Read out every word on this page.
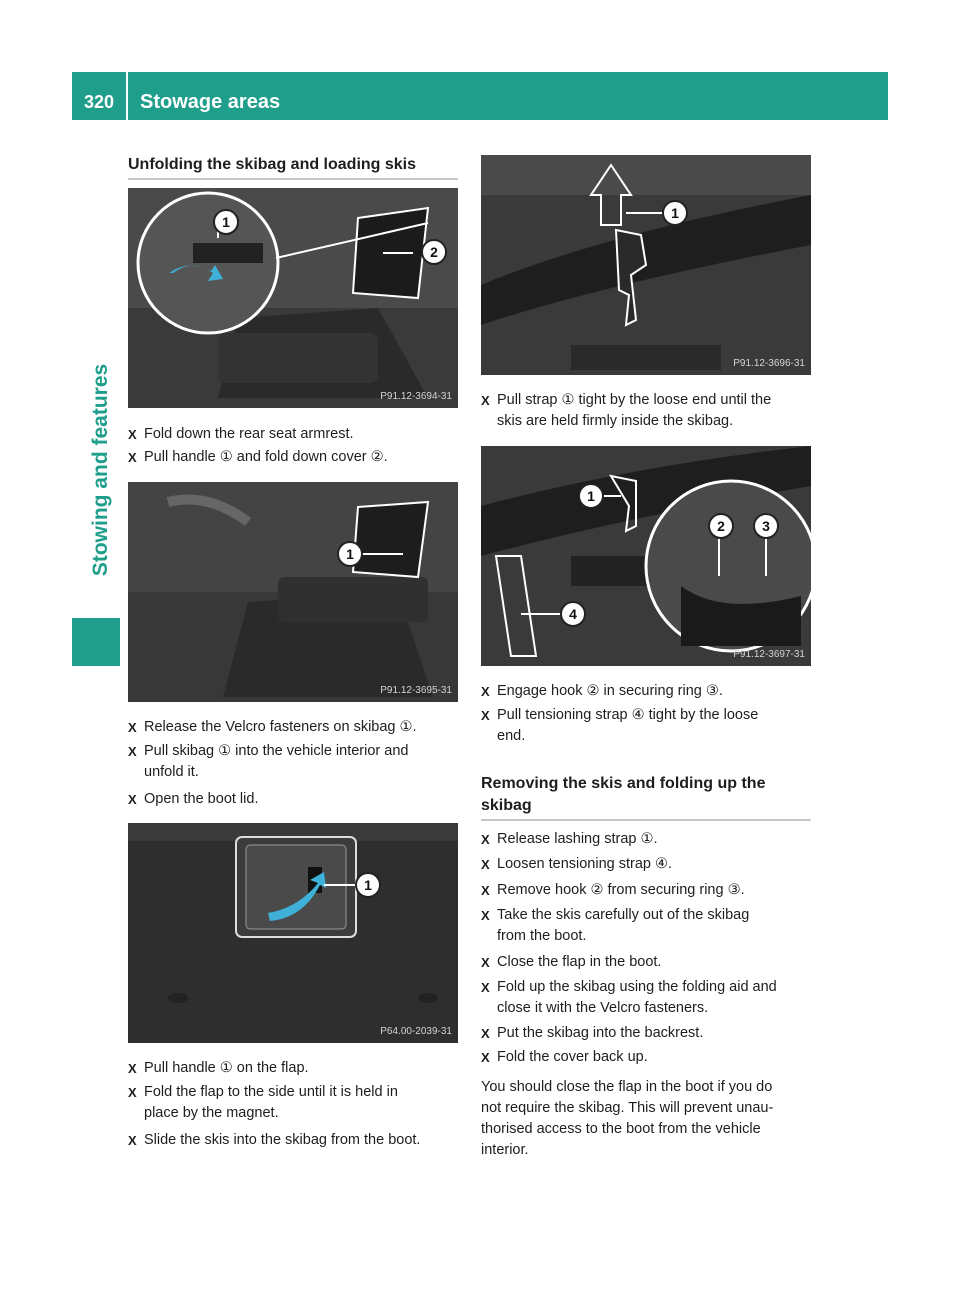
320	Stowage areas
Stowing and features
Unfolding the skibag and loading skis
1
2
P91.12-3694-31
X Fold down the rear seat armrest.
X Pull handle ① and fold down cover ②.
1
P91.12-3695-31
X Release the Velcro fasteners on skibag ①.
X Pull skibag ① into the vehicle interior and
unfold it.
X Open the boot lid.
1
P64.00-2039-31
X Pull handle ① on the flap.
X Fold the flap to the side until it is held in
place by the magnet.
X Slide the skis into the skibag from the boot.
1
P91.12-3696-31
X Pull strap ① tight by the loose end until the
skis are held firmly inside the skibag.
1
2	3
4
P91.12-3697-31
X Engage hook ② in securing ring ③.
X Pull tensioning strap ④ tight by the loose
end.
Removing the skis and folding up the
skibag
X Release lashing strap ①.
X Loosen tensioning strap ④.
X Remove hook ② from securing ring ③.
X Take the skis carefully out of the skibag
from the boot.
X Close the flap in the boot.
X Fold up the skibag using the folding aid and
close it with the Velcro fasteners.
X Put the skibag into the backrest.
X Fold the cover back up.
You should close the flap in the boot if you do
not require the skibag. This will prevent unau-
thorised access to the boot from the vehicle
interior.
